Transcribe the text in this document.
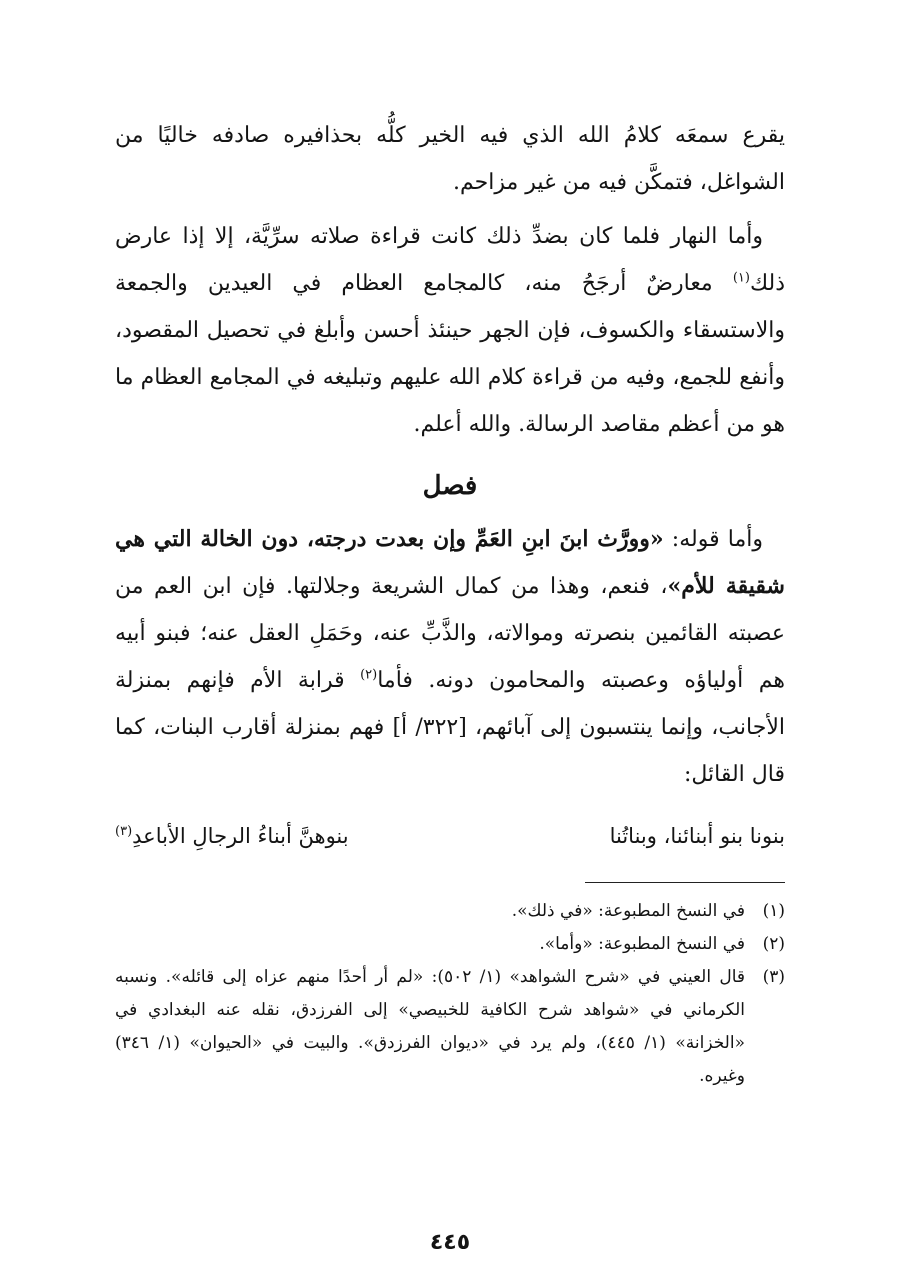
يقرع سمعَه كلامُ الله الذي فيه الخير كلُّه بحذافيره صادفه خاليًا من الشواغل، فتمكَّن فيه من غير مزاحم.

وأما النهار فلما كان بضدِّ ذلك كانت قراءة صلاته سرِّيَّة، إلا إذا عارض ذلك$^{(١)}$ معارضٌ أرجَحُ منه، كالمجامع العظام في العيدين والجمعة والاستسقاء والكسوف، فإن الجهر حينئذ أحسن وأبلغ في تحصيل المقصود، وأنفع للجمع، وفيه من قراءة كلام الله عليهم وتبليغه في المجامع العظام ما هو من أعظم مقاصد الرسالة. والله أعلم.

فصل

وأما قوله: «وورَّث ابنَ ابنِ العَمِّ وإن بعدت درجته، دون الخالة التي هي شقيقة للأم»، فنعم، وهذا من كمال الشريعة وجلالتها. فإن ابن العم من عصبته القائمين بنصرته وموالاته، والذَّبِّ عنه، وحَمَلِ العقل عنه؛ فبنو أبيه هم أولياؤه وعصبته والمحامون دونه. فأما$^{(٢)}$ قرابة الأم فإنهم بمنزلة الأجانب، وإنما ينتسبون إلى آبائهم، [٣٢٢/ أ] فهم بمنزلة أقارب البنات، كما قال القائل:

بنونا بنو أبنائنا، وبناتُنا
بنوهنَّ أبناءُ الرجالِ الأباعدِ$^{(٣)}$
(١)
في النسخ المطبوعة: «في ذلك».
(٢)
في النسخ المطبوعة: «وأما».
(٣)
قال العيني في «شرح الشواهد» (١/ ٥٠٢): «لم أر أحدًا منهم عزاه إلى قائله». ونسبه الكرماني في «شواهد شرح الكافية للخبيصي» إلى الفرزدق، نقله عنه البغدادي في «الخزانة» (١/ ٤٤٥)، ولم يرد في «ديوان الفرزدق». والبيت في «الحيوان» (١/ ٣٤٦) وغيره.
٤٤٥
